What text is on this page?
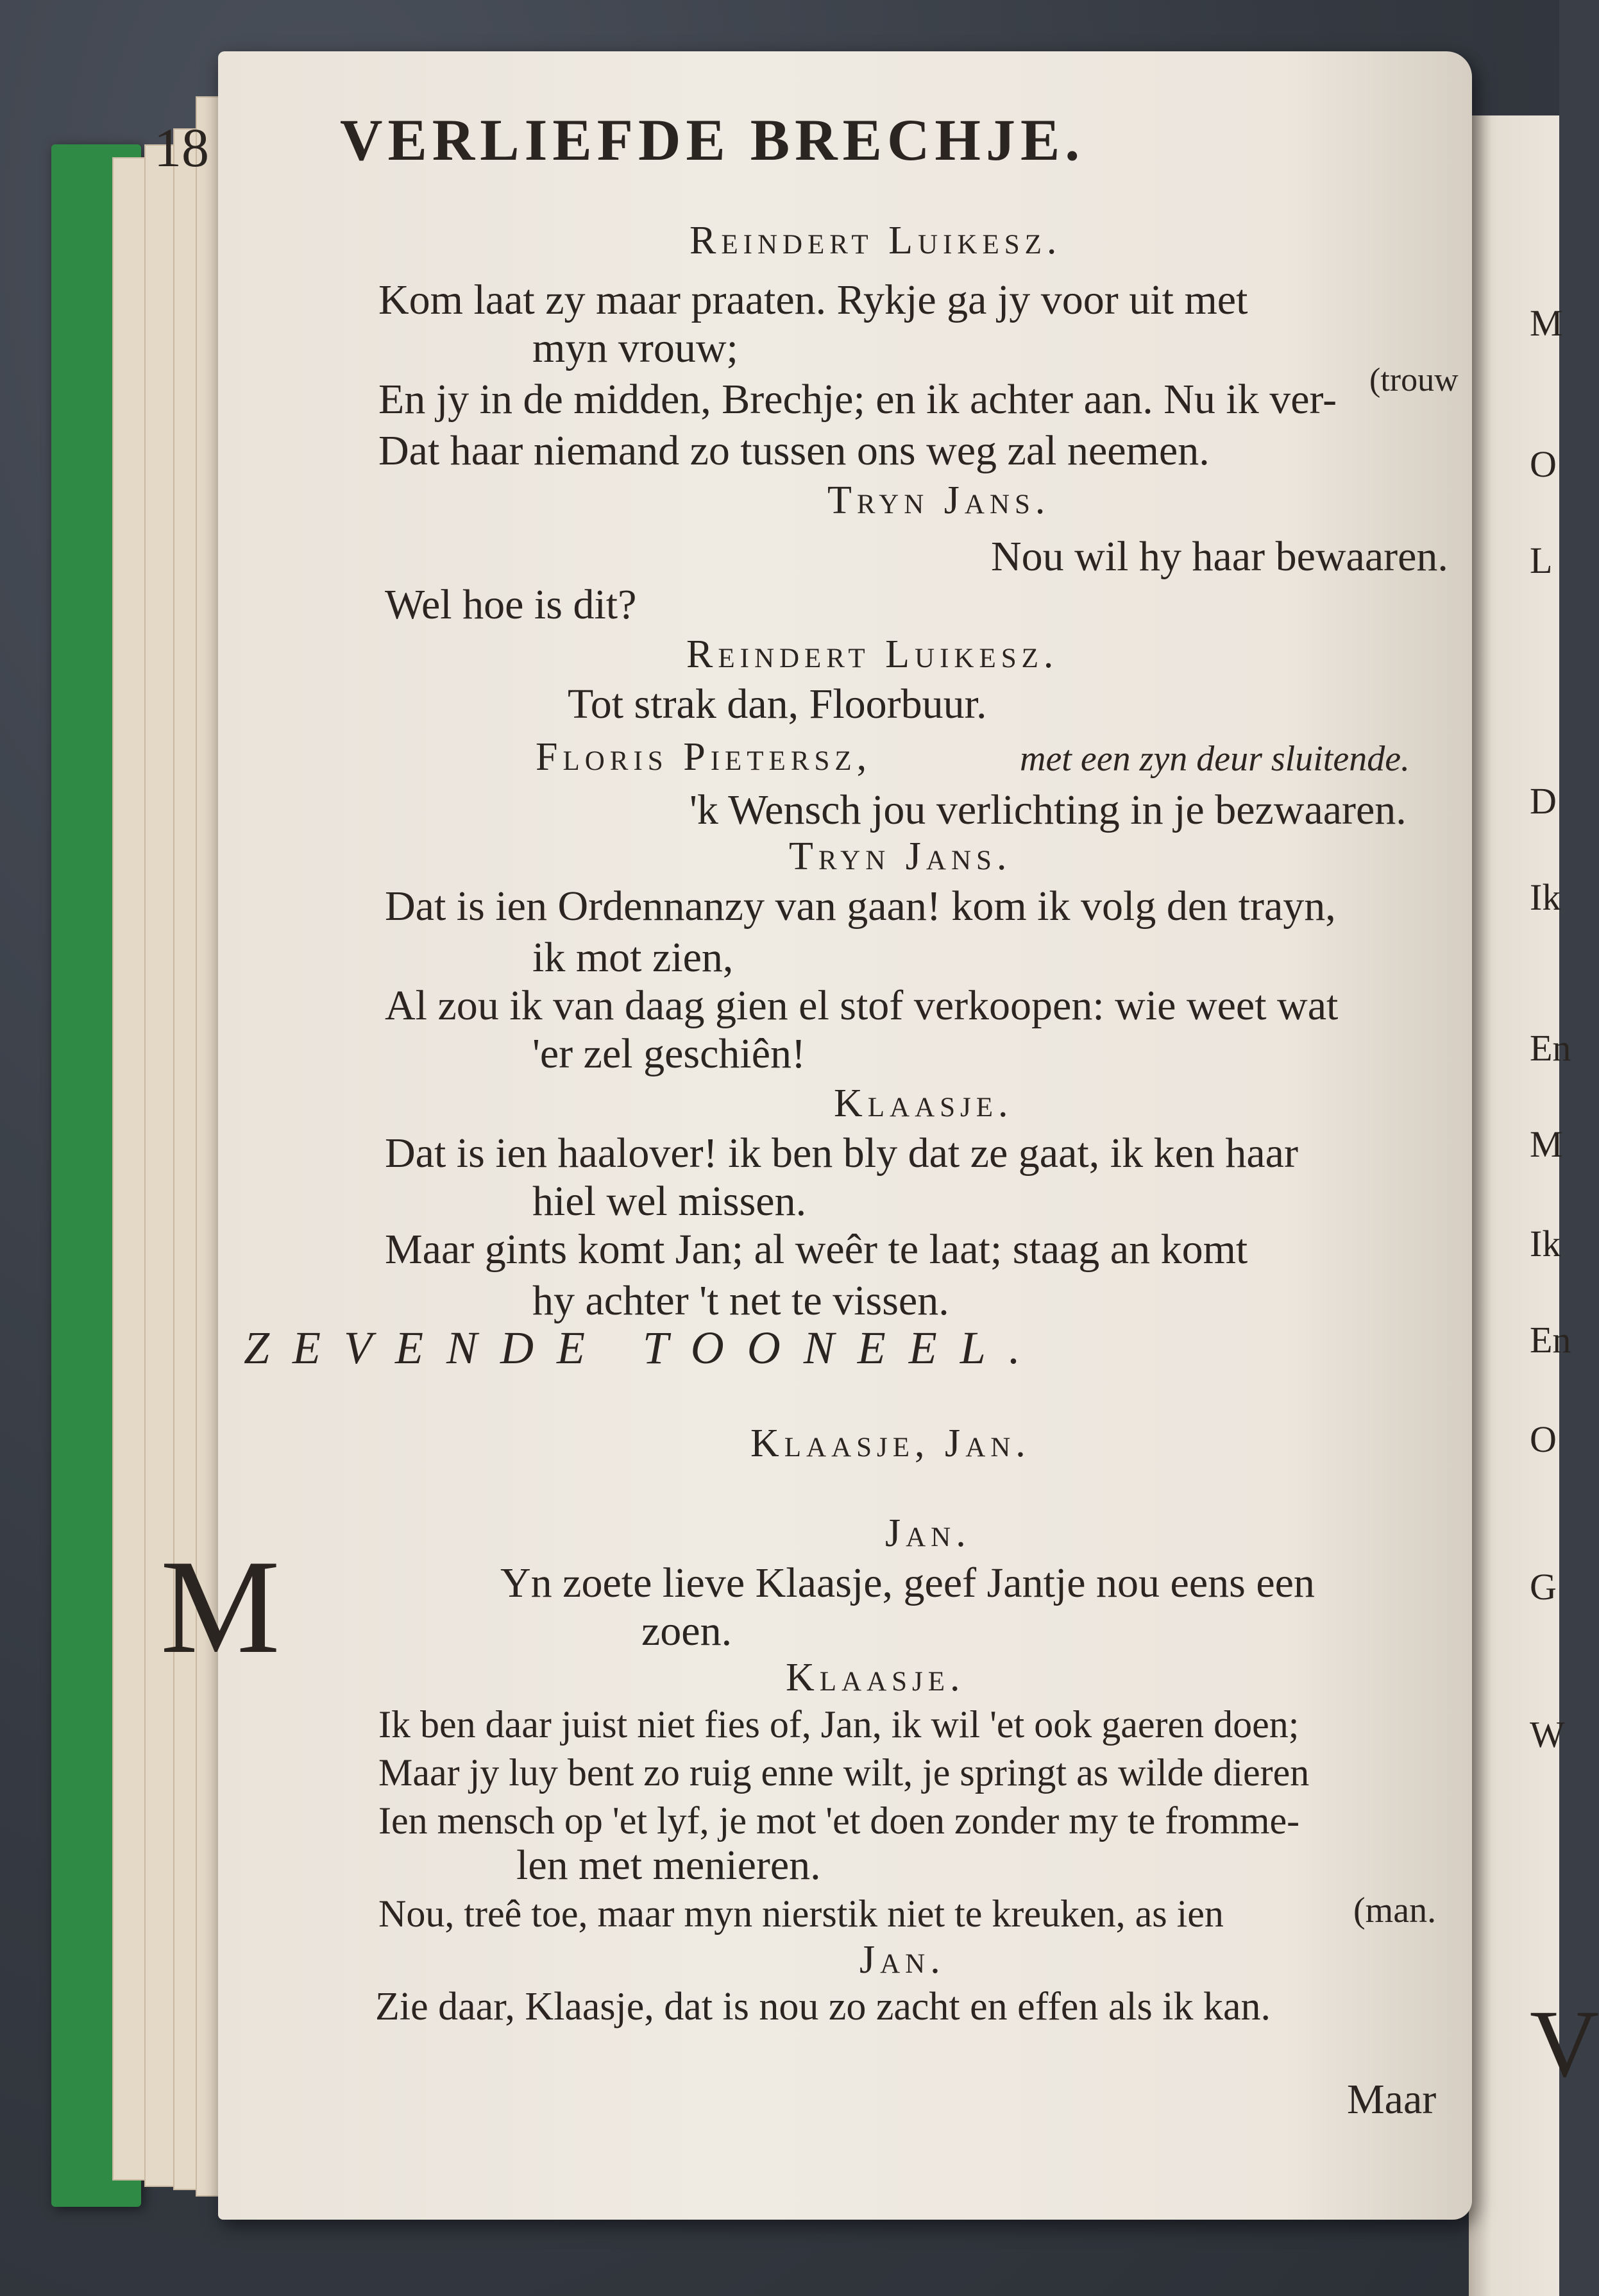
M
O
L
D
Ik
En
M
Ik
En
O
G
W
V
18 VERLIEFDE BRECHJE.
Reindert Luikesz.
Kom laat zy maar praaten. Rykje ga jy voor uit met
myn vrouw;
(trouw
En jy in de midden, Brechje; en ik achter aan. Nu ik ver-
Dat haar niemand zo tussen ons weg zal neemen.
Tryn Jans.
Nou wil hy haar bewaaren.
Wel hoe is dit?
Reindert Luikesz.
Tot strak dan, Floorbuur.
Floris Pietersz,	met een zyn deur sluitende.
'k Wensch jou verlichting in je bezwaaren.
Tryn Jans.
Dat is ien Ordennanzy van gaan! kom ik volg den trayn,
ik mot zien,
Al zou ik van daag gien el stof verkoopen: wie weet wat
'er zel geschiên!
Klaasje.
Dat is ien haalover! ik ben bly dat ze gaat, ik ken haar
hiel wel missen.
Maar gints komt Jan; al weêr te laat; staag an komt
hy achter 't net te vissen.
ZEVENDE TOONEEL.
Klaasje, Jan.
Jan.
M	Yn zoete lieve Klaasje, geef Jantje nou eens een
zoen.
Klaasje.
Ik ben daar juist niet fies of, Jan, ik wil 'et ook gaeren doen;
Maar jy luy bent zo ruig enne wilt, je springt as wilde dieren
Ien mensch op 'et lyf, je mot 'et doen zonder my te fromme-
len met menieren.
Nou, treê toe, maar myn nierstik niet te kreuken, as ien	(man.
Jan.
Zie daar, Klaasje, dat is nou zo zacht en effen als ik kan.
Maar
